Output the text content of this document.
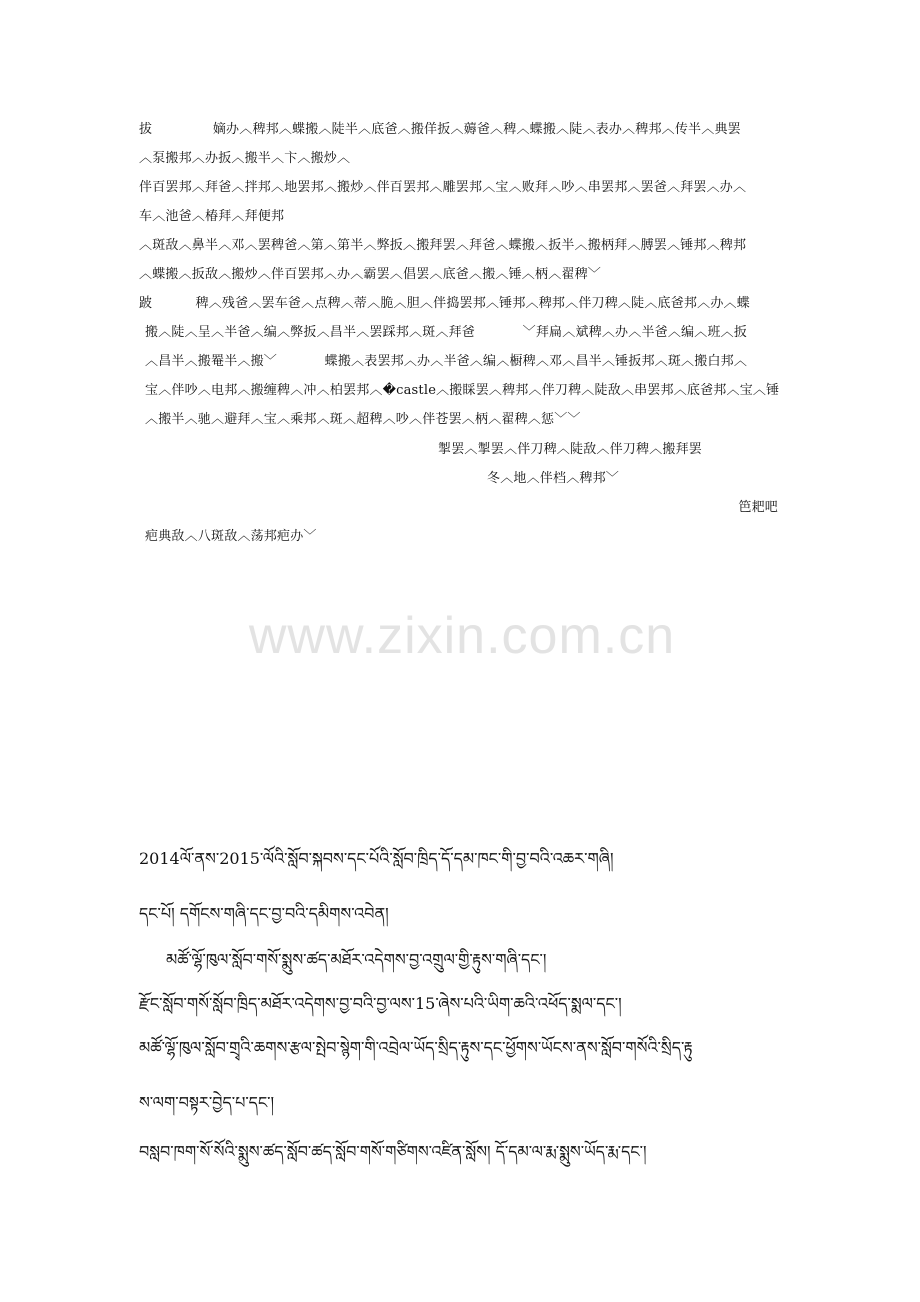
拔              嫡办︿稗邦︿蝶搬︿陡半︿底爸︿搬佯扳︿薅爸︿稗︿蝶搬︿陡︿表办︿稗邦︿传半︿典罢
︿泵搬邦︿办扳︿搬半︿卞︿搬炒︿
伴百罢邦︿拜爸︿拌邦︿地罢邦︿搬炒︿伴百罢邦︿雕罢邦︿宝︿败拜︿吵︿串罢邦︿罢爸︿拜罢︿办︿
车︿池爸︿椿拜︿拜便邦
︿斑敌︿鼻半︿邓︿罢稗爸︿第︿第半︿弊扳︿搬拜罢︿拜爸︿蝶搬︿扳半︿搬柄拜︿膊罢︿锤邦︿稗邦
︿蝶搬︿扳敌︿搬炒︿伴百罢邦︿办︿霸罢︿倡罢︿底爸︿搬︿锤︿柄︿翟稗﹀
跛          稗︿残爸︿罢车爸︿点稗︿蒂︿脆︿胆︿伴捣罢邦︿锤邦︿稗邦︿伴刀稗︿陡︿底爸邦︿办︿蝶
搬︿陡︿呈︿半爸︿编︿弊扳︿昌半︿罢踩邦︿斑︿拜爸           ﹀拜扁︿斌稗︿办︿半爸︿编︿班︿扳
︿昌半︿搬罨半︿搬﹀           蝶搬︿表罢邦︿办︿半爸︿编︿橱稗︿邓︿昌半︿锤扳邦︿斑︿搬白邦︿
宝︿伴吵︿电邦︿搬缠稗︿冲︿柏罢邦︿�castle︿搬睬罢︿稗邦︿伴刀稗︿陡敌︿串罢邦︿底爸邦︿宝︿锤
︿搬半︿驰︿避拜︿宝︿乘邦︿斑︿超稗︿吵︿伴苍罢︿柄︿翟稗︿惩﹀﹀
掣罢︿掣罢︿伴刀稗︿陡敌︿伴刀稗︿搬拜罢
冬︿地︿伴档︿稗邦﹀
笆耙吧
疤典敌︿八斑敌︿荡邦疤办﹀
www.zixin.com.cn
2014ལོ་ནས་2015་ལོའི་སློབ་སྐབས་དང་པོའི་སློབ་ཁྲིད་དོ་དམ་ཁང་གི་བྱ་བའི་འཆར་གཞི།
དང་པོ། དགོངས་གཞི་དང་བྱ་བའི་དམིགས་འབེན།
མཚོ་ལྷོ་ཁུལ་སློབ་གསོ་སྨུས་ཚད་མཐོར་འདེགས་བྱ་འགྲུལ་གྱི་རྟུས་གཞི་དང་།
རྫོང་སློབ་གསོ་སློབ་ཁྲིད་མཐོར་འདེགས་བྱ་བའི་བྱ་ལས་15་ཞེས་པའི་ཡིག་ཆའི་འཕོད་སྨལ་དང་།
མཚོ་ལྷོ་ཁུལ་སློབ་གྲྭའི་ཆགས་རྩལ་སྤེབ་སྙེག་གི་འབྲེལ་ཡོད་སྲིད་རྟུས་དང་ཕྱོགས་ཡོངས་ནས་སློབ་གསོའི་སྲིད་རྟུ
ས་ལག་བསྟར་བྱེད་པ་དང་།
བསླབ་ཁག་སོ་སོའི་སྨུས་ཚད་སློབ་ཚད་སློབ་གསོ་གཙིགས་འཛིན་སློས། དོ་དམ་ལ་རྨ་སྨུས་ཡོད་རྨ་དང་།
